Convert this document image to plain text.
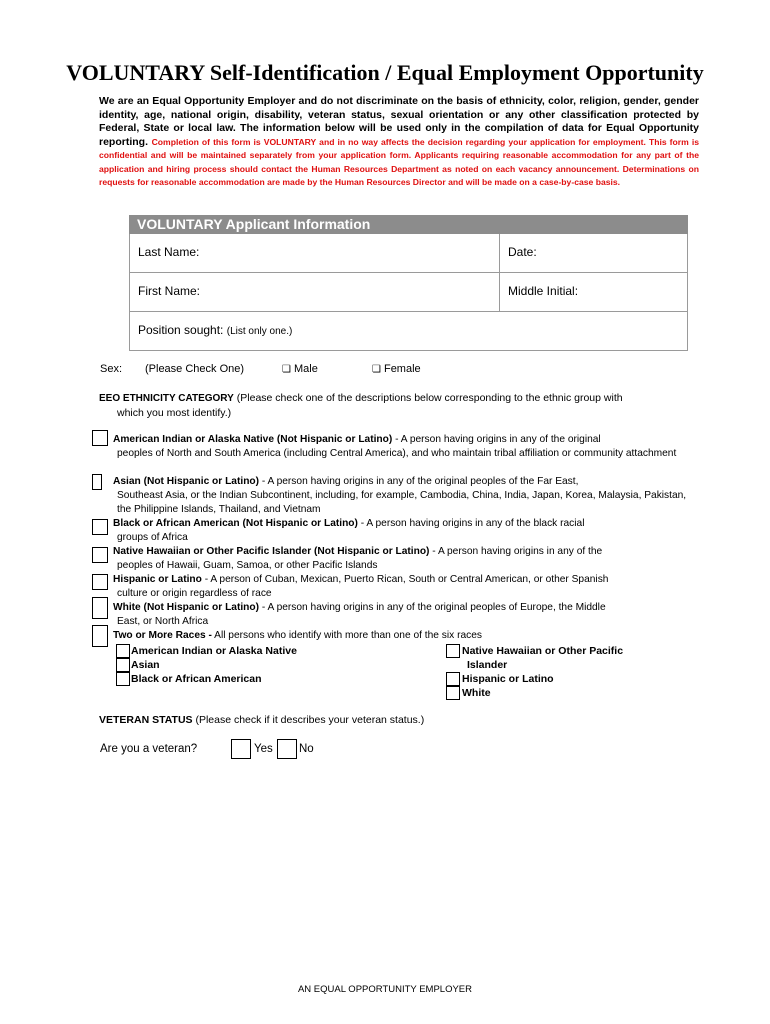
VOLUNTARY Self-Identification / Equal Employment Opportunity
We are an Equal Opportunity Employer and do not discriminate on the basis of ethnicity, color, religion, gender, gender identity, age, national origin, disability, veteran status, sexual orientation or any other classification protected by Federal, State or local law. The information below will be used only in the compilation of data for Equal Opportunity reporting. Completion of this form is VOLUNTARY and in no way affects the decision regarding your application for employment. This form is confidential and will be maintained separately from your application form. Applicants requiring reasonable accommodation for any part of the application and hiring process should contact the Human Resources Department as noted on each vacancy announcement. Determinations on requests for reasonable accommodation are made by the Human Resources Director and will be made on a case-by-case basis.
VOLUNTARY Applicant Information
Last Name:	Date:
First Name:	Middle Initial:
Position sought: (List only one.)
Sex: (Please Check One)	❏ Male	❏ Female
EEO ETHNICITY CATEGORY (Please check one of the descriptions below corresponding to the ethnic group with
which you most identify.)
American Indian or Alaska Native (Not Hispanic or Latino) - A person having origins in any of the original
peoples of North and South America (including Central America), and who maintain tribal affiliation or community attachment
Asian (Not Hispanic or Latino) - A person having origins in any of the original peoples of the Far East,
Southeast Asia, or the Indian Subcontinent, including, for example, Cambodia, China, India, Japan, Korea, Malaysia, Pakistan, the Philippine Islands, Thailand, and Vietnam
Black or African American (Not Hispanic or Latino) - A person having origins in any of the black racial
groups of Africa
Native Hawaiian or Other Pacific Islander (Not Hispanic or Latino) - A person having origins in any of the
peoples of Hawaii, Guam, Samoa, or other Pacific Islands
Hispanic or Latino - A person of Cuban, Mexican, Puerto Rican, South or Central American, or other Spanish
culture or origin regardless of race
White (Not Hispanic or Latino) - A person having origins in any of the original peoples of Europe, the Middle
East, or North Africa
Two or More Races - All persons who identify with more than one of the six races
American Indian or Alaska Native
Asian
Black or African American
Native Hawaiian or Other Pacific
Islander
Hispanic or Latino
White
VETERAN STATUS (Please check if it describes your veteran status.)
Are you a veteran?	Yes No
AN EQUAL OPPORTUNITY EMPLOYER
